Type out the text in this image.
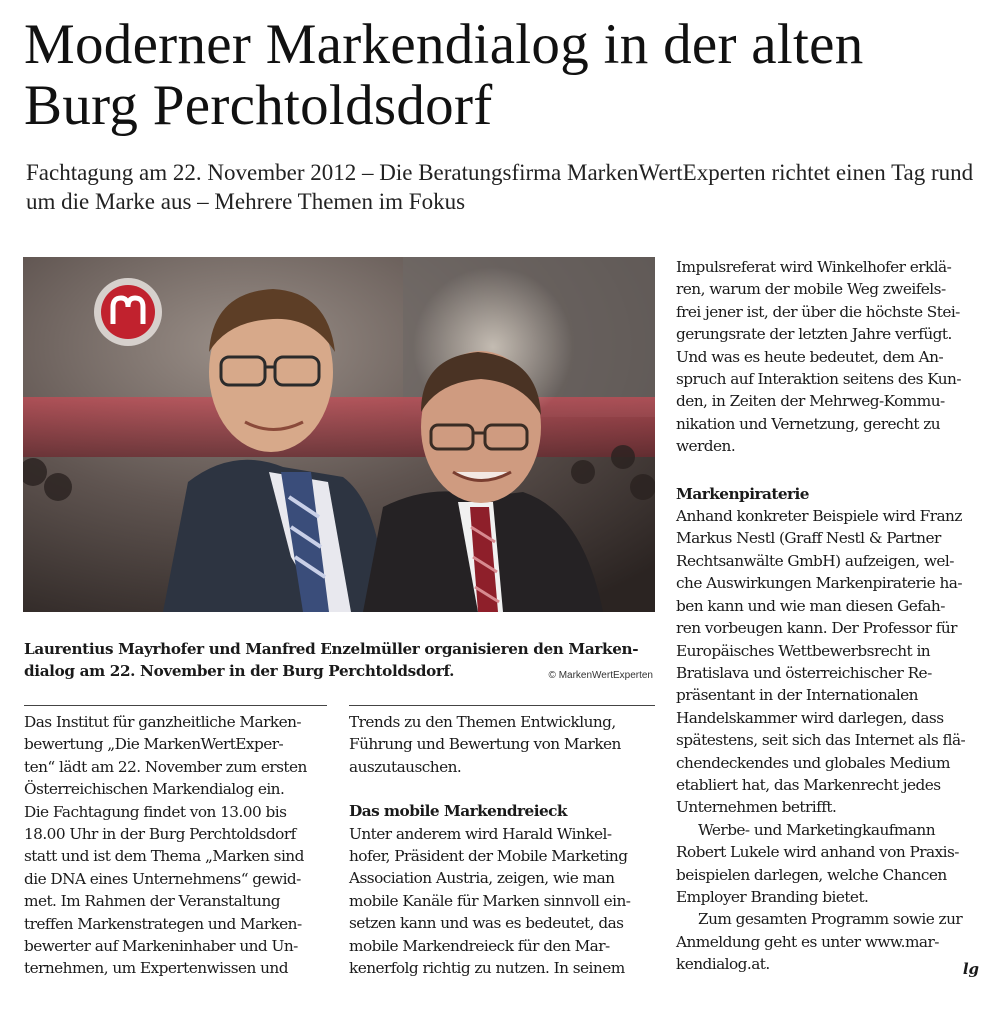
Moderner Markendialog in der alten Burg Perchtoldsdorf
Fachtagung am 22. November 2012 – Die Beratungsfirma MarkenWertExperten richtet einen Tag rund um die Marke aus – Mehrere Themen im Fokus
Laurentius Mayrhofer und Manfred Enzelmüller organisieren den Marken- dialog am 22. November in der Burg Perchtoldsdorf.	© MarkenWertExperten

Das Institut für ganzheitliche Marken-
bewertung „Die MarkenWertExper-
ten“ lädt am 22. November zum ersten
Österreichischen Markendialog ein.
Die Fachtagung findet von 13.00 bis
18.00 Uhr in der Burg Perchtoldsdorf
statt und ist dem Thema „Marken sind
die DNA eines Unternehmens“ gewid-
met. Im Rahmen der Veranstaltung
treffen Markenstrategen und Marken-
bewerter auf Markeninhaber und Un-
ternehmen, um Expertenwissen und

Trends zu den Themen Entwicklung,
Führung und Bewertung von Marken
auszutauschen.

Das mobile Markendreieck

Unter anderem wird Harald Winkel-
hofer, Präsident der Mobile Marketing
Association Austria, zeigen, wie man
mobile Kanäle für Marken sinnvoll ein-
setzen kann und was es bedeutet, das
mobile Markendreieck für den Mar-
kenerfolg richtig zu nutzen. In seinem

Impulsreferat wird Winkelhofer erklä-
ren, warum der mobile Weg zweifels-
frei jener ist, der über die höchste Stei-
gerungsrate der letzten Jahre verfügt.
Und was es heute bedeutet, dem An-
spruch auf Interaktion seitens des Kun-
den, in Zeiten der Mehrweg-Kommu-
nikation und Vernetzung, gerecht zu
werden.

Markenpiraterie

Anhand konkreter Beispiele wird Franz
Markus Nestl (Graff Nestl & Partner
Rechtsanwälte GmbH) aufzeigen, wel-
che Auswirkungen Markenpiraterie ha-
ben kann und wie man diesen Gefah-
ren vorbeugen kann. Der Professor für
Europäisches Wettbewerbsrecht in
Bratislava und österreichischer Re-
präsentant in der Internationalen
Handelskammer wird darlegen, dass
spätestens, seit sich das Internet als flä-
chendeckendes und globales Medium
etabliert hat, das Markenrecht jedes
Unternehmen betrifft.

Werbe- und Marketingkaufmann
Robert Lukele wird anhand von Praxis-
beispielen darlegen, welche Chancen
Employer Branding bietet.

Zum gesamten Programm sowie zur
Anmeldung geht es unter www.mar-
kendialog.at.	lg
